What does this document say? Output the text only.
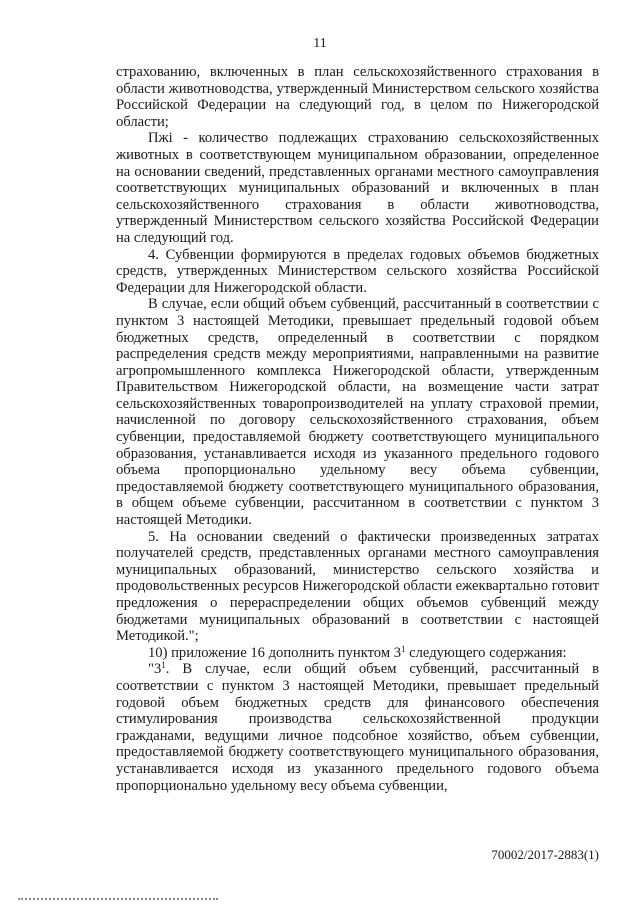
11

страхованию, включенных в план сельскохозяйственного страхования в области животноводства, утвержденный Министерством сельского хозяйства Российской Федерации на следующий год, в целом по Нижегородской области;

Пжi - количество подлежащих страхованию сельскохозяйственных животных в соответствующем муниципальном образовании, определенное на основании сведений, представленных органами местного самоуправления соответствующих муниципальных образований и включенных в план сельскохозяйственного страхования в области животноводства, утвержденный Министерством сельского хозяйства Российской Федерации на следующий год.

4. Субвенции формируются в пределах годовых объемов бюджетных средств, утвержденных Министерством сельского хозяйства Российской Федерации для Нижегородской области.

В случае, если общий объем субвенций, рассчитанный в соответствии с пунктом 3 настоящей Методики, превышает предельный годовой объем бюджетных средств, определенный в соответствии с порядком распределения средств между мероприятиями, направленными на развитие агропромышленного комплекса Нижегородской области, утвержденным Правительством Нижегородской области, на возмещение части затрат сельскохозяйственных товаропроизводителей на уплату страховой премии, начисленной по договору сельскохозяйственного страхования, объем субвенции, предоставляемой бюджету соответствующего муниципального образования, устанавливается исходя из указанного предельного годового объема пропорционально удельному весу объема субвенции, предоставляемой бюджету соответствующего муниципального образования, в общем объеме субвенции, рассчитанном в соответствии с пунктом 3 настоящей Методики.

5. На основании сведений о фактически произведенных затратах получателей средств, представленных органами местного самоуправления муниципальных образований, министерство сельского хозяйства и продовольственных ресурсов Нижегородской области ежеквартально готовит предложения о перераспределении общих объемов субвенций между бюджетами муниципальных образований в соответствии с настоящей Методикой.";

10) приложение 16 дополнить пунктом $3^1$ следующего содержания:

"$3^1$. В случае, если общий объем субвенций, рассчитанный в соответствии с пунктом 3 настоящей Методики, превышает предельный годовой объем бюджетных средств для финансового обеспечения стимулирования производства сельскохозяйственной продукции гражданами, ведущими личное подсобное хозяйство, объем субвенции, предоставляемой бюджету соответствующего муниципального образования, устанавливается исходя из указанного предельного годового объема пропорционально удельному весу объема субвенции,

70002/2017-2883(1)
